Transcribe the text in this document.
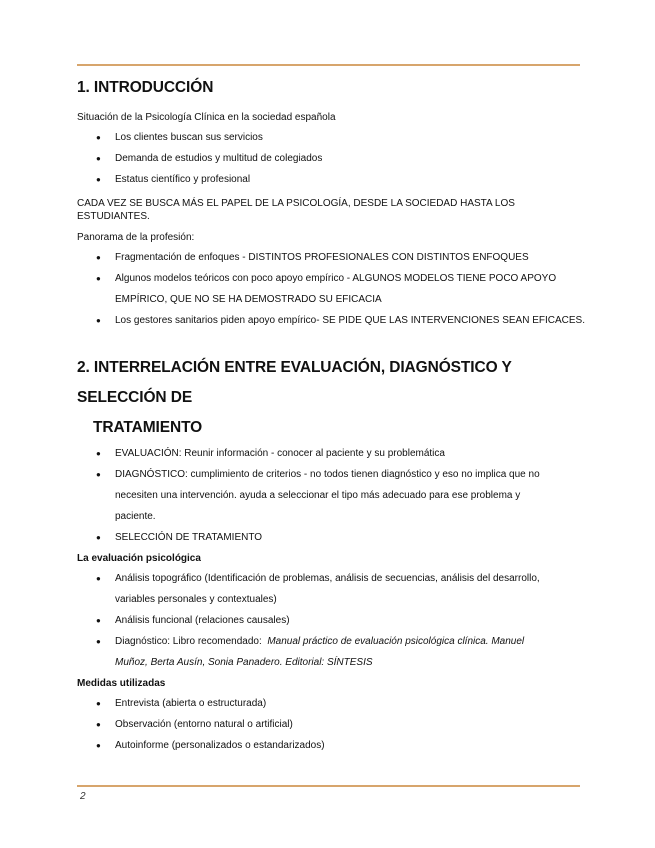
1. INTRODUCCIÓN

Situación de la Psicología Clínica en la sociedad española

● Los clientes buscan sus servicios
● Demanda de estudios y multitud de colegiados
● Estatus científico y profesional

CADA VEZ SE BUSCA MÁS EL PAPEL DE LA PSICOLOGÍA, DESDE LA SOCIEDAD HASTA LOS ESTUDIANTES.

Panorama de la profesión:

● Fragmentación de enfoques - DISTINTOS PROFESIONALES CON DISTINTOS ENFOQUES
● Algunos modelos teóricos con poco apoyo empírico - ALGUNOS MODELOS TIENE POCO APOYO
EMPÍRICO, QUE NO SE HA DEMOSTRADO SU EFICACIA
● Los gestores sanitarios piden apoyo empírico- SE PIDE QUE LAS INTERVENCIONES SEAN EFICACES.
2. INTERRELACIÓN ENTRE EVALUACIÓN, DIAGNÓSTICO Y SELECCIÓN DE
TRATAMIENTO
● EVALUACIÓN: Reunir información - conocer al paciente y su problemática
● DIAGNÓSTICO: cumplimiento de criterios - no todos tienen diagnóstico y eso no implica que no
necesiten una intervención. ayuda a seleccionar el tipo más adecuado para ese problema y
paciente.
● SELECCIÓN DE TRATAMIENTO

La evaluación psicológica

● Análisis topográfico (Identificación de problemas, análisis de secuencias, análisis del desarrollo,
variables personales y contextuales)
● Análisis funcional (relaciones causales)
● Diagnóstico: Libro recomendado: Manual práctico de evaluación psicológica clínica. Manuel
Muñoz, Berta Ausín, Sonia Panadero. Editorial: SÍNTESIS

Medidas utilizadas

● Entrevista (abierta o estructurada)
● Observación (entorno natural o artificial)
● Autoinforme (personalizados o estandarizados)
2
